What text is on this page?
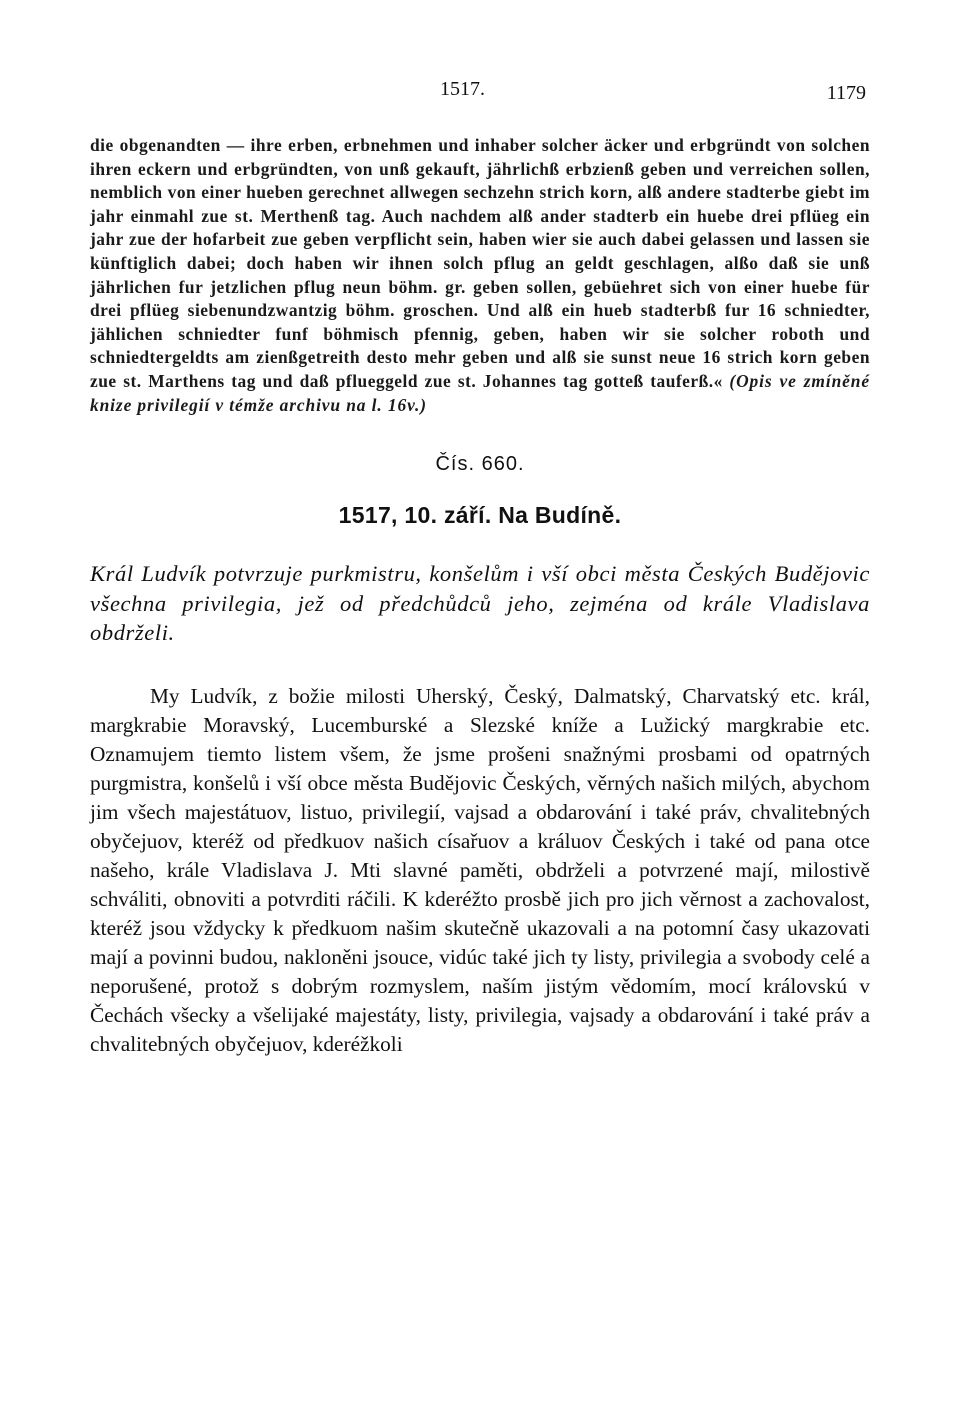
1517.	1179

die obgenandten — ihre erben, erbnehmen und inhaber solcher äcker und erbgründt von solchen ihren eckern und erbgründten, von unß gekauft, jährlichß erbzienß geben und verreichen sollen, nemblich von einer hueben gerechnet allwegen sechzehn strich korn, alß andere stadterbe giebt im jahr einmahl zue st. Merthenß tag. Auch nachdem alß ander stadterb ein huebe drei pflüeg ein jahr zue der hofarbeit zue geben verpflicht sein, haben wier sie auch dabei gelassen und lassen sie künftiglich dabei; doch haben wir ihnen solch pflug an geldt geschlagen, alßo daß sie unß jährlichen fur jetzlichen pflug neun böhm. gr. geben sollen, gebüehret sich von einer huebe für drei pflüeg siebenundzwantzig böhm. groschen. Und alß ein hueb stadterbß fur 16 schniedter, jählichen schniedter funf böhmisch pfennig, geben, haben wir sie solcher roboth und schniedtergeldts am zienßgetreith desto mehr geben und alß sie sunst neue 16 strich korn geben zue st. Marthens tag und daß pflueggeld zue st. Johannes tag gotteß tauferß.« (Opis ve zmíněné knize privilegií v témže archivu na l. 16v.)

Čís. 660.
1517, 10. září. Na Budíně.

Král Ludvík potvrzuje purkmistru, konšelům i vší obci města Českých Budějovic všechna privilegia, jež od předchůdců jeho, zejména od krále Vladislava obdrželi.

My Ludvík, z božie milosti Uherský, Český, Dalmatský, Charvatský etc. král, margkrabie Moravský, Lucemburské a Slezské kníže a Lužický margkrabie etc. Oznamujem tiemto listem všem, že jsme prošeni snažnými prosbami od opatrných purgmistra, konšelů i vší obce města Budějovic Českých, věrných našich milých, abychom jim všech majestátuov, listuo, privilegií, vajsad a obdarování i také práv, chvalitebných obyčejuov, kteréž od předkuov našich císařuov a králuov Českých i také od pana otce našeho, krále Vladislava J. Mti slavné paměti, obdrželi a potvrzené mají, milostivě schváliti, obnoviti a potvrditi ráčili. K kderéžto prosbě jich pro jich věrnost a zachovalost, kteréž jsou vždycky k předkuom našim skutečně ukazovali a na potomní časy ukazovati mají a povinni budou, nakloněni jsouce, vidúc také jich ty listy, privilegia a svobody celé a neporušené, protož s dobrým rozmyslem, naším jistým vědomím, mocí královskú v Čechách všecky a všelijaké majestáty, listy, privilegia, vajsady a obdarování i také práv a chvalitebných obyčejuov, kderéžkoli
